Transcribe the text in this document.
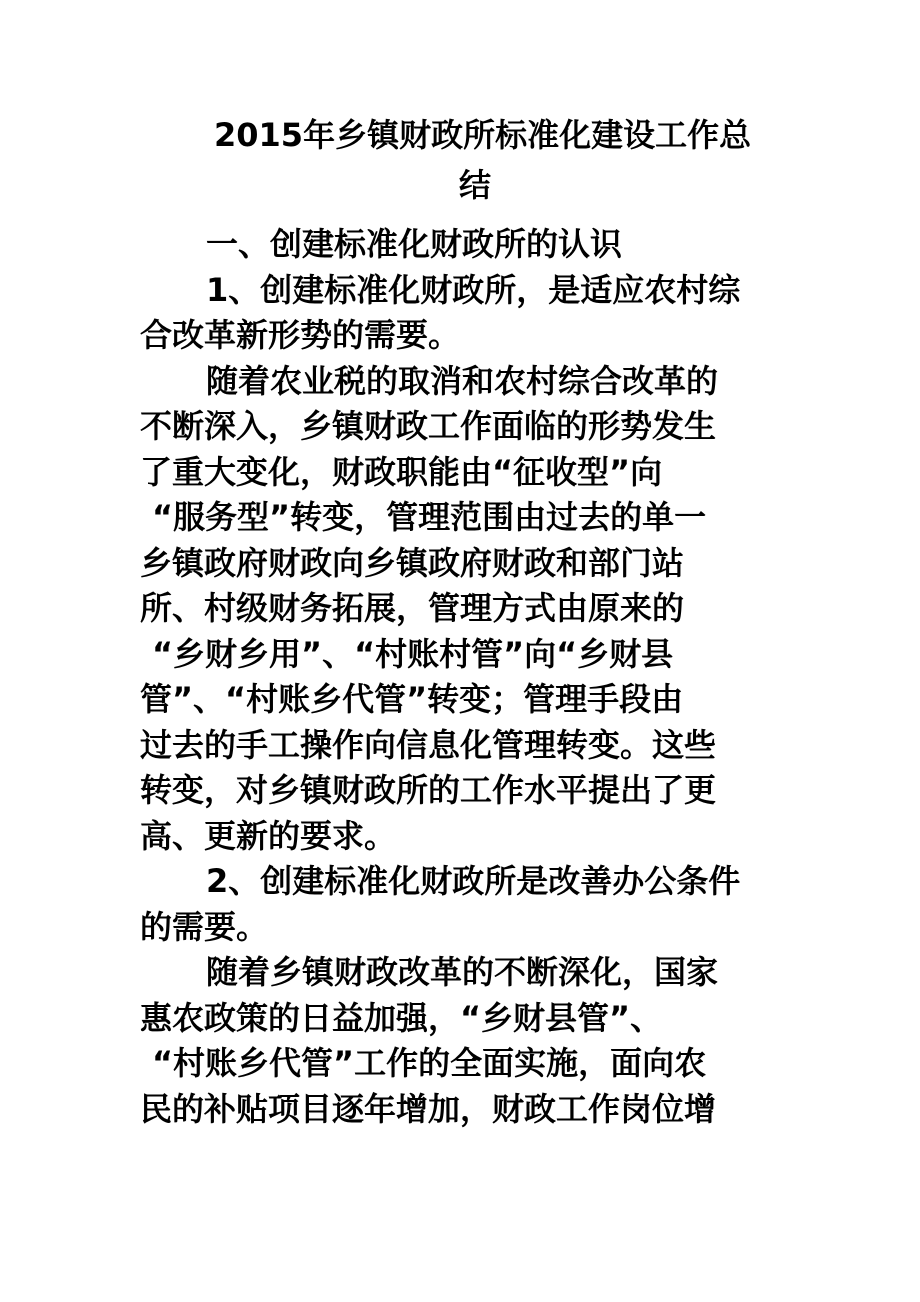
2015年乡镇财政所标准化建设工作总
结
一、创建标准化财政所的认识
1、创建标准化财政所，是适应农村综
合改革新形势的需要。
随着农业税的取消和农村综合改革的
不断深入，乡镇财政工作面临的形势发生
了重大变化，财政职能由“征收型”向
“服务型”转变，管理范围由过去的单一
乡镇政府财政向乡镇政府财政和部门站
所、村级财务拓展，管理方式由原来的
“乡财乡用”、“村账村管”向“乡财县
管”、“村账乡代管”转变；管理手段由
过去的手工操作向信息化管理转变。这些
转变，对乡镇财政所的工作水平提出了更
高、更新的要求。
2、创建标准化财政所是改善办公条件
的需要。
随着乡镇财政改革的不断深化，国家
惠农政策的日益加强，“乡财县管”、
“村账乡代管”工作的全面实施，面向农
民的补贴项目逐年增加，财政工作岗位增
